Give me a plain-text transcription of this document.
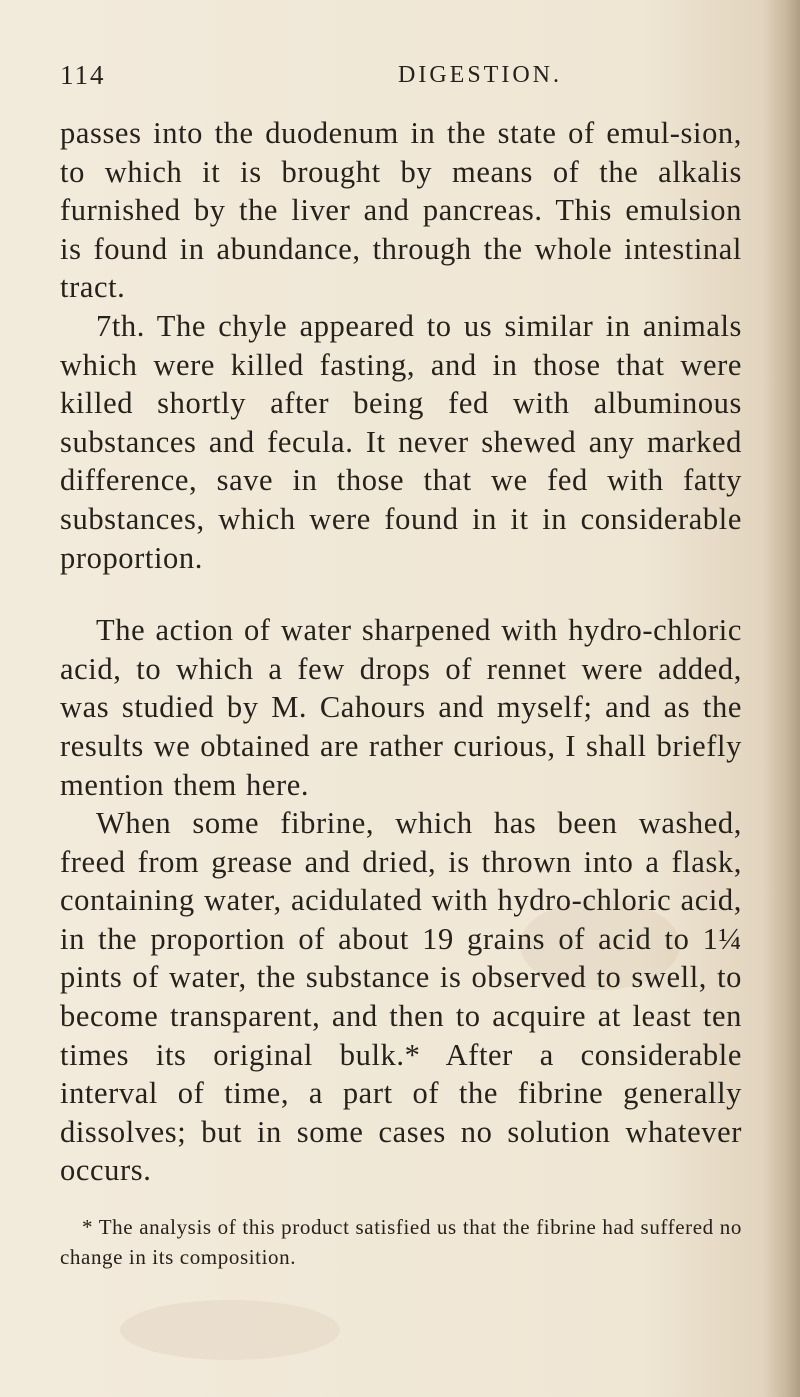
114	DIGESTION.

passes into the duodenum in the state of emul-sion, to which it is brought by means of the alkalis furnished by the liver and pancreas. This emulsion is found in abundance, through the whole intestinal tract.

7th. The chyle appeared to us similar in animals which were killed fasting, and in those that were killed shortly after being fed with albuminous substances and fecula. It never shewed any marked difference, save in those that we fed with fatty substances, which were found in it in considerable proportion.

The action of water sharpened with hydro-chloric acid, to which a few drops of rennet were added, was studied by M. Cahours and myself; and as the results we obtained are rather curious, I shall briefly mention them here.

When some fibrine, which has been washed, freed from grease and dried, is thrown into a flask, containing water, acidulated with hydro-chloric acid, in the proportion of about 19 grains of acid to 1¼ pints of water, the substance is observed to swell, to become transparent, and then to acquire at least ten times its original bulk.* After a considerable interval of time, a part of the fibrine generally dissolves; but in some cases no solution whatever occurs.

* The analysis of this product satisfied us that the fibrine had suffered no change in its composition.
